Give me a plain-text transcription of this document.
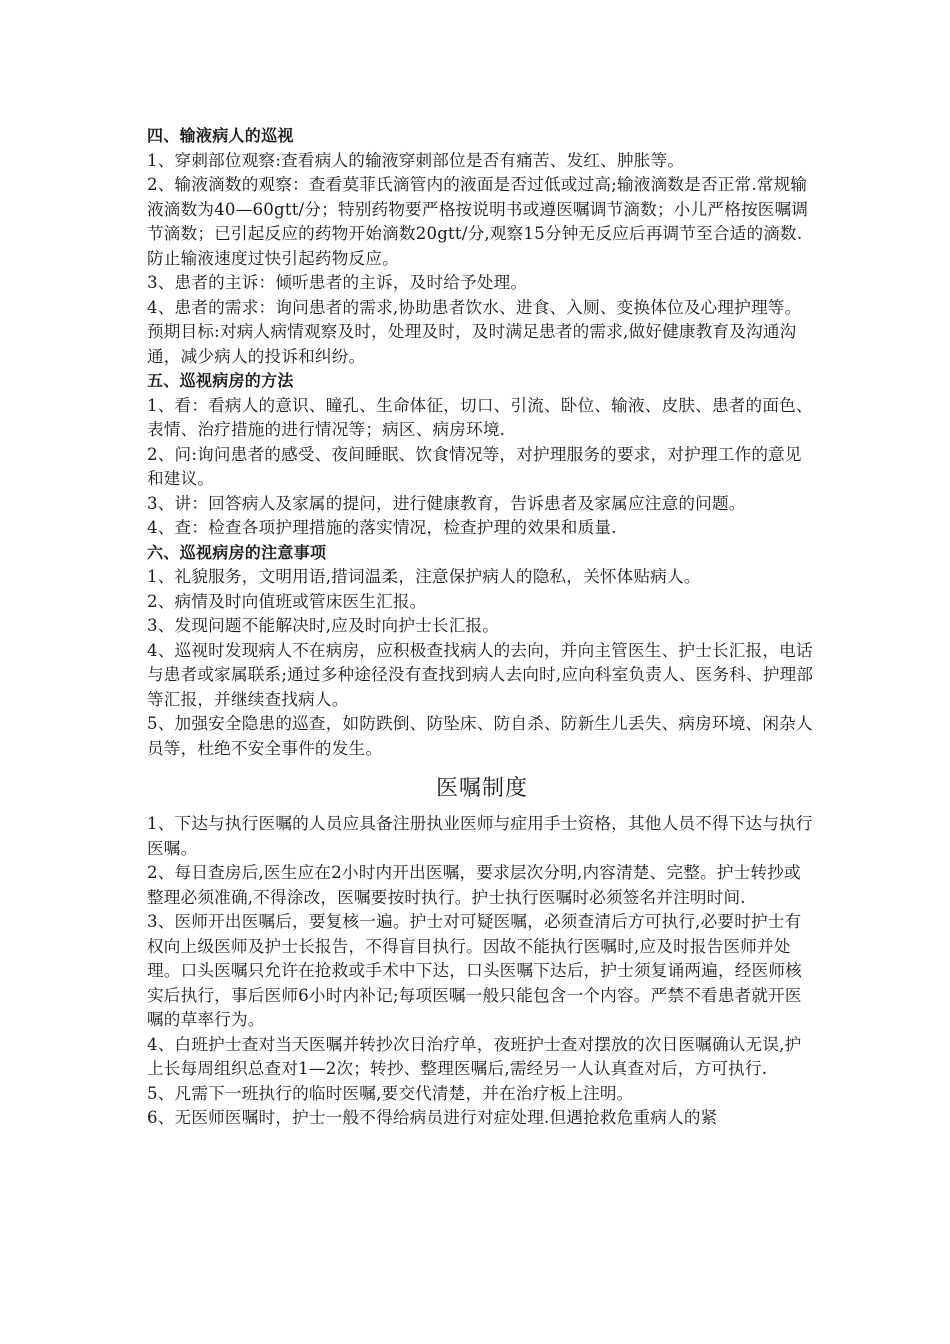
四、输液病人的巡视

1、穿刺部位观察:查看病人的输液穿刺部位是否有痛苦、发红、肿胀等。

2、输液滴数的观察：查看莫菲氏滴管内的液面是否过低或过高;输液滴数是否正常.常规输液滴数为40—60gtt/分；特别药物要严格按说明书或遵医嘱调节滴数；小儿严格按医嘱调节滴数；已引起反应的药物开始滴数20gtt/分,观察15分钟无反应后再调节至合适的滴数.防止输液速度过快引起药物反应。

3、患者的主诉：倾听患者的主诉，及时给予处理。

4、患者的需求：询问患者的需求,协助患者饮水、进食、入厕、变换体位及心理护理等。

预期目标:对病人病情观察及时，处理及时，及时满足患者的需求,做好健康教育及沟通沟通，减少病人的投诉和纠纷。

五、巡视病房的方法

1、看：看病人的意识、瞳孔、生命体征，切口、引流、卧位、输液、皮肤、患者的面色、表情、治疗措施的进行情况等；病区、病房环境.

2、问:询问患者的感受、夜间睡眠、饮食情况等，对护理服务的要求，对护理工作的意见和建议。

3、讲：回答病人及家属的提问，进行健康教育，告诉患者及家属应注意的问题。

4、查：检查各项护理措施的落实情况，检查护理的效果和质量.

六、巡视病房的注意事项

1、礼貌服务，文明用语,措词温柔，注意保护病人的隐私，关怀体贴病人。

2、病情及时向值班或管床医生汇报。

3、发现问题不能解决时,应及时向护士长汇报。

4、巡视时发现病人不在病房，应积极查找病人的去向，并向主管医生、护士长汇报，电话与患者或家属联系;通过多种途径没有查找到病人去向时,应向科室负责人、医务科、护理部等汇报，并继续查找病人。

5、加强安全隐患的巡查，如防跌倒、防坠床、防自杀、防新生儿丢失、病房环境、闲杂人员等，杜绝不安全事件的发生。

医嘱制度

1、下达与执行医嘱的人员应具备注册执业医师与症用手士资格，其他人员不得下达与执行医嘱。

2、每日查房后,医生应在2小时内开出医嘱，要求层次分明,内容清楚、完整。护士转抄或整理必须准确,不得涂改，医嘱要按时执行。护士执行医嘱时必须签名并注明时间.

3、医师开出医嘱后，要复核一遍。护士对可疑医嘱，必须查清后方可执行,必要时护士有权向上级医师及护士长报告，不得盲目执行。因故不能执行医嘱时,应及时报告医师并处理。口头医嘱只允许在抢救或手术中下达，口头医嘱下达后，护士须复诵两遍，经医师核实后执行，事后医师6小时内补记;每项医嘱一般只能包含一个内容。严禁不看患者就开医嘱的草率行为。

4、白班护士查对当天医嘱并转抄次日治疗单，夜班护士查对摆放的次日医嘱确认无误,护上长每周组织总查对1—2次；转抄、整理医嘱后,需经另一人认真查对后，方可执行.

5、凡需下一班执行的临时医嘱,要交代清楚，并在治疗板上注明。

6、无医师医嘱时，护士一般不得给病员进行对症处理.但遇抢救危重病人的紧
